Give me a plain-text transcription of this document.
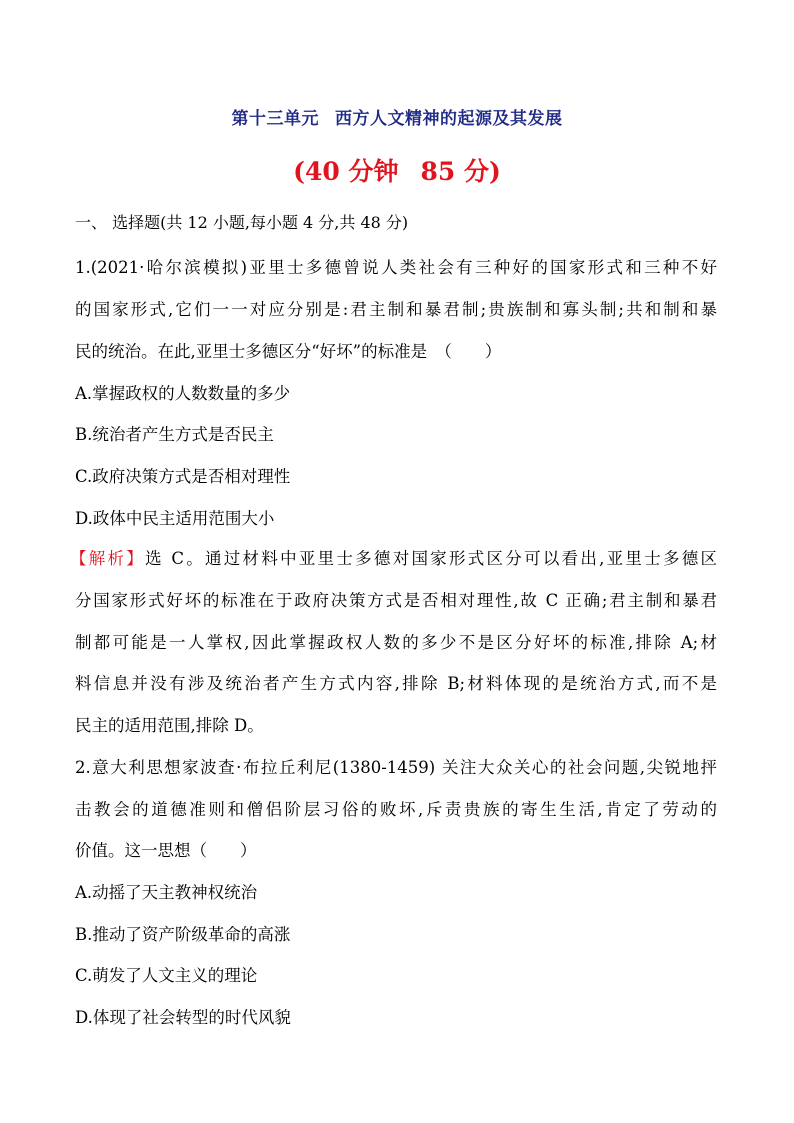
第十三单元 西方人文精神的起源及其发展
(40 分钟 85 分)
一、 选择题(共 12 小题,每小题 4 分,共 48 分)
1.(2021·哈尔滨模拟)亚里士多德曾说人类社会有三种好的国家形式和三种不好
的国家形式,它们一一对应分别是:君主制和暴君制;贵族制和寡头制;共和制和暴
民的统治。在此,亚里士多德区分“好坏”的标准是　（　　）
A.掌握政权的人数数量的多少
B.统治者产生方式是否民主
C.政府决策方式是否相对理性
D.政体中民主适用范围大小
【解析】选 C。通过材料中亚里士多德对国家形式区分可以看出,亚里士多德区
分国家形式好坏的标准在于政府决策方式是否相对理性,故 C 正确;君主制和暴君
制都可能是一人掌权,因此掌握政权人数的多少不是区分好坏的标准,排除 A;材
料信息并没有涉及统治者产生方式内容,排除 B;材料体现的是统治方式,而不是
民主的适用范围,排除 D。
2.意大利思想家波查·布拉丘利尼(1380-1459) 关注大众关心的社会问题,尖锐地抨
击教会的道德准则和僧侣阶层习俗的败坏,斥责贵族的寄生生活,肯定了劳动的
价值。这一思想（　　）
A.动摇了天主教神权统治
B.推动了资产阶级革命的高涨
C.萌发了人文主义的理论
D.体现了社会转型的时代风貌
